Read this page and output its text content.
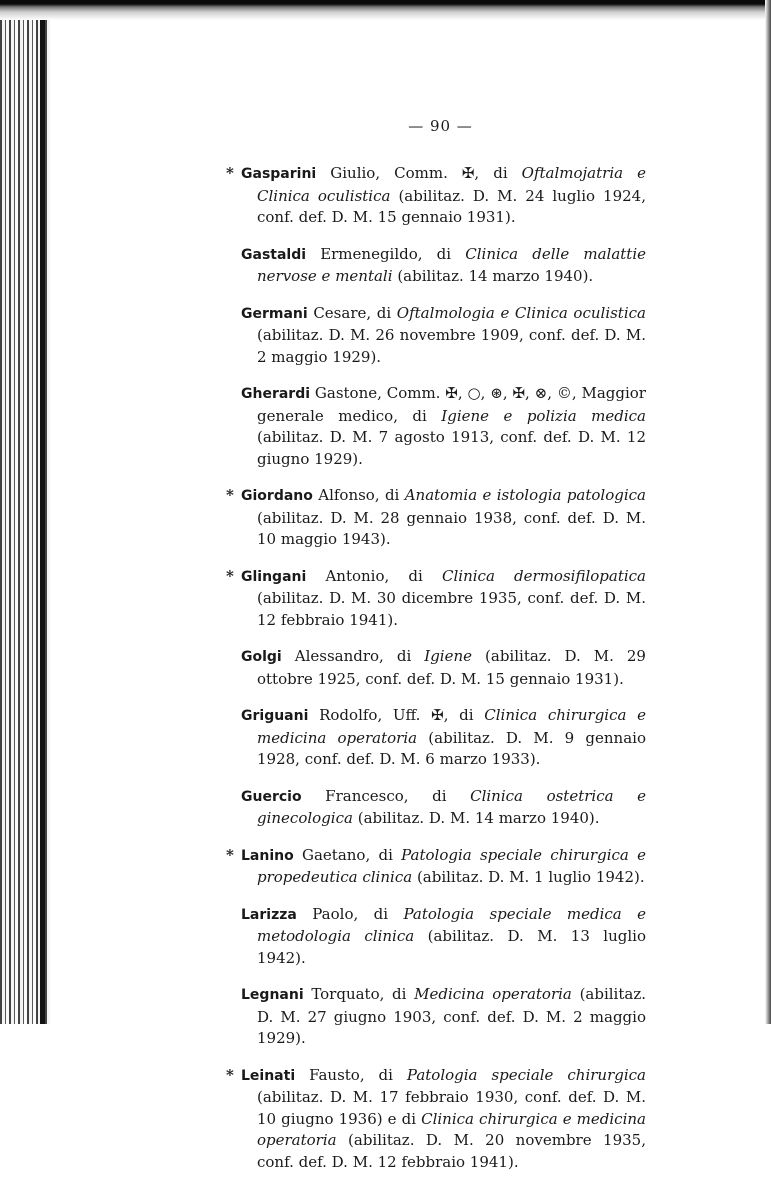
— 90 —

* Gasparini Giulio, Comm. ✠, di Oftalmojatria e Clinica oculistica (abilitaz. D. M. 24 luglio 1924, conf. def. D. M. 15 gennaio 1931).

Gastaldi Ermenegildo, di Clinica delle malattie nervose e mentali (abilitaz. 14 marzo 1940).

Germani Cesare, di Oftalmologia e Clinica oculistica (abilitaz. D. M. 26 novembre 1909, conf. def. D. M. 2 maggio 1929).

Gherardi Gastone, Comm. ✠, ○, ⊛, ✠, ⊗, ©, Maggior generale medico, di Igiene e polizia medica (abilitaz. D. M. 7 agosto 1913, conf. def. D. M. 12 giugno 1929).

* Giordano Alfonso, di Anatomia e istologia patologica (abilitaz. D. M. 28 gennaio 1938, conf. def. D. M. 10 maggio 1943).

* Glingani Antonio, di Clinica dermosifilopatica (abilitaz. D. M. 30 dicembre 1935, conf. def. D. M. 12 febbraio 1941).

Golgi Alessandro, di Igiene (abilitaz. D. M. 29 ottobre 1925, conf. def. D. M. 15 gennaio 1931).

Griguani Rodolfo, Uff. ✠, di Clinica chirurgica e medicina operatoria (abilitaz. D. M. 9 gennaio 1928, conf. def. D. M. 6 marzo 1933).

Guercio Francesco, di Clinica ostetrica e ginecologica (abilitaz. D. M. 14 marzo 1940).

* Lanino Gaetano, di Patologia speciale chirurgica e propedeutica clinica (abilitaz. D. M. 1 luglio 1942).

Larizza Paolo, di Patologia speciale medica e metodologia clinica (abilitaz. D. M. 13 luglio 1942).

Legnani Torquato, di Medicina operatoria (abilitaz. D. M. 27 giugno 1903, conf. def. D. M. 2 maggio 1929).

* Leinati Fausto, di Patologia speciale chirurgica (abilitaz. D. M. 17 febbraio 1930, conf. def. D. M. 10 giugno 1936) e di Clinica chirurgica e medicina operatoria (abilitaz. D. M. 20 novembre 1935, conf. def. D. M. 12 febbraio 1941).
